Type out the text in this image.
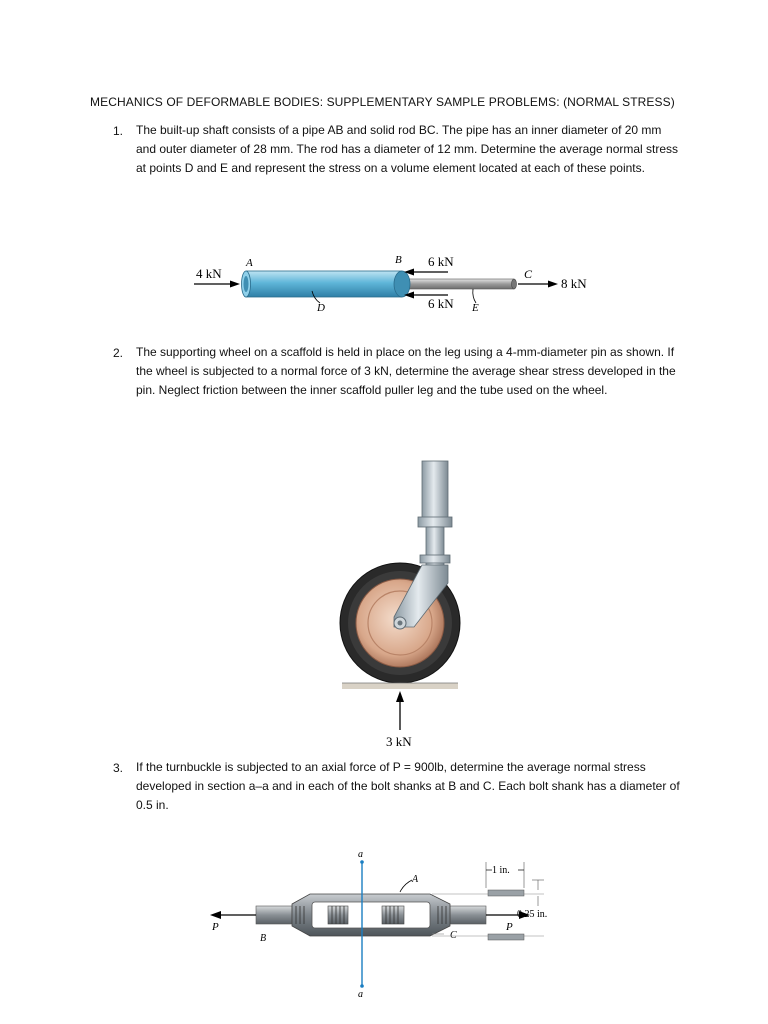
MECHANICS OF DEFORMABLE BODIES: SUPPLEMENTARY SAMPLE PROBLEMS: (NORMAL STRESS)
1. The built-up shaft consists of a pipe AB and solid rod BC. The pipe has an inner diameter of 20 mm and outer diameter of 28 mm. The rod has a diameter of 12 mm. Determine the average normal stress at points D and E and represent the stress on a volume element located at each of these points.
4 kN
A
D
B 6 kN
6 kN E
C
8 kN
2. The supporting wheel on a scaffold is held in place on the leg using a 4-mm-diameter pin as shown. If the wheel is subjected to a normal force of 3 kN, determine the average shear stress developed in the pin. Neglect friction between the inner scaffold puller leg and the tube used on the wheel.
3 kN
3. If the turnbuckle is subjected to an axial force of P = 900lb, determine the average normal stress developed in section a–a and in each of the bolt shanks at B and C. Each bolt shank has a diameter of 0.5 in.
a
a
A
P
B
P
C
1 in.
0.25 in.
